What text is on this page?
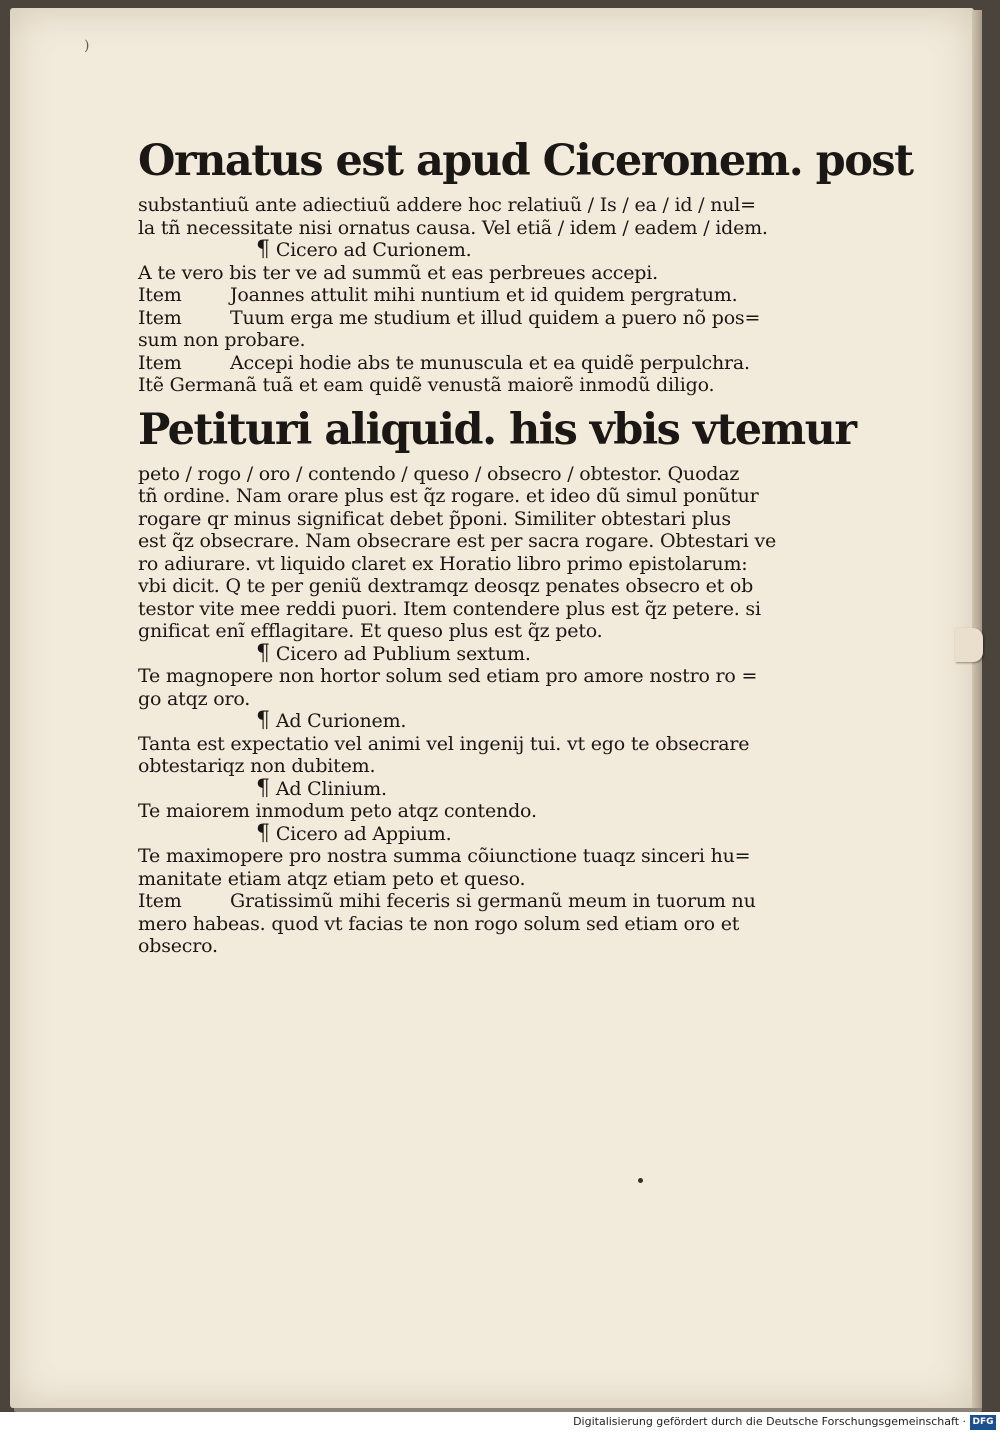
)
Ornatus est apud Ciceronem. post
substantiuũ ante adiectiuũ addere hoc relatiuũ / Is / ea / id / nul=
la tñ necessitate nisi ornatus causa. Vel etiã / idem / eadem / idem.
¶ Cicero ad Curionem.
A te vero bis ter ve ad summũ et eas perbreues accepi.
Item	Joannes attulit mihi nuntium et id quidem pergratum.
Item	Tuum erga me studium et illud quidem a puero nõ pos=
sum non probare.
Item	Accepi hodie abs te munuscula et ea quidẽ perpulchra.
Itẽ Germanã tuã et eam quidẽ venustã maiorẽ inmodũ diligo.
Petituri aliquid. his vbis vtemur
peto / rogo / oro / contendo / queso / obsecro / obtestor. Quodaz
tñ ordine. Nam orare plus est q̃z rogare. et ideo dũ simul ponũtur
rogare qr minus significat debet p̃poni. Similiter obtestari plus
est q̃z obsecrare. Nam obsecrare est per sacra rogare. Obtestari ve
ro adiurare. vt liquido claret ex Horatio libro primo epistolarum:
vbi dicit. Q te per geniũ dextramqz deosqz penates obsecro et ob
testor vite mee reddi puori. Item contendere plus est q̃z petere. si
gnificat enĩ efflagitare. Et queso plus est q̃z peto.
¶ Cicero ad Publium sextum.
Te magnopere non hortor solum sed etiam pro amore nostro ro =
go atqz oro.
¶ Ad Curionem.
Tanta est expectatio vel animi vel ingenij tui. vt ego te obsecrare
obtestariqz non dubitem.
¶ Ad Clinium.
Te maiorem inmodum peto atqz contendo.
¶ Cicero ad Appium.
Te maximopere pro nostra summa cõiunctione tuaqz sinceri hu=
manitate etiam atqz etiam peto et queso.
Item	Gratissimũ mihi feceris si germanũ meum in tuorum nu
mero habeas. quod vt facias te non rogo solum sed etiam oro et
obsecro.
Digitalisierung gefördert durch die Deutsche Forschungsgemeinschaft · DFG
